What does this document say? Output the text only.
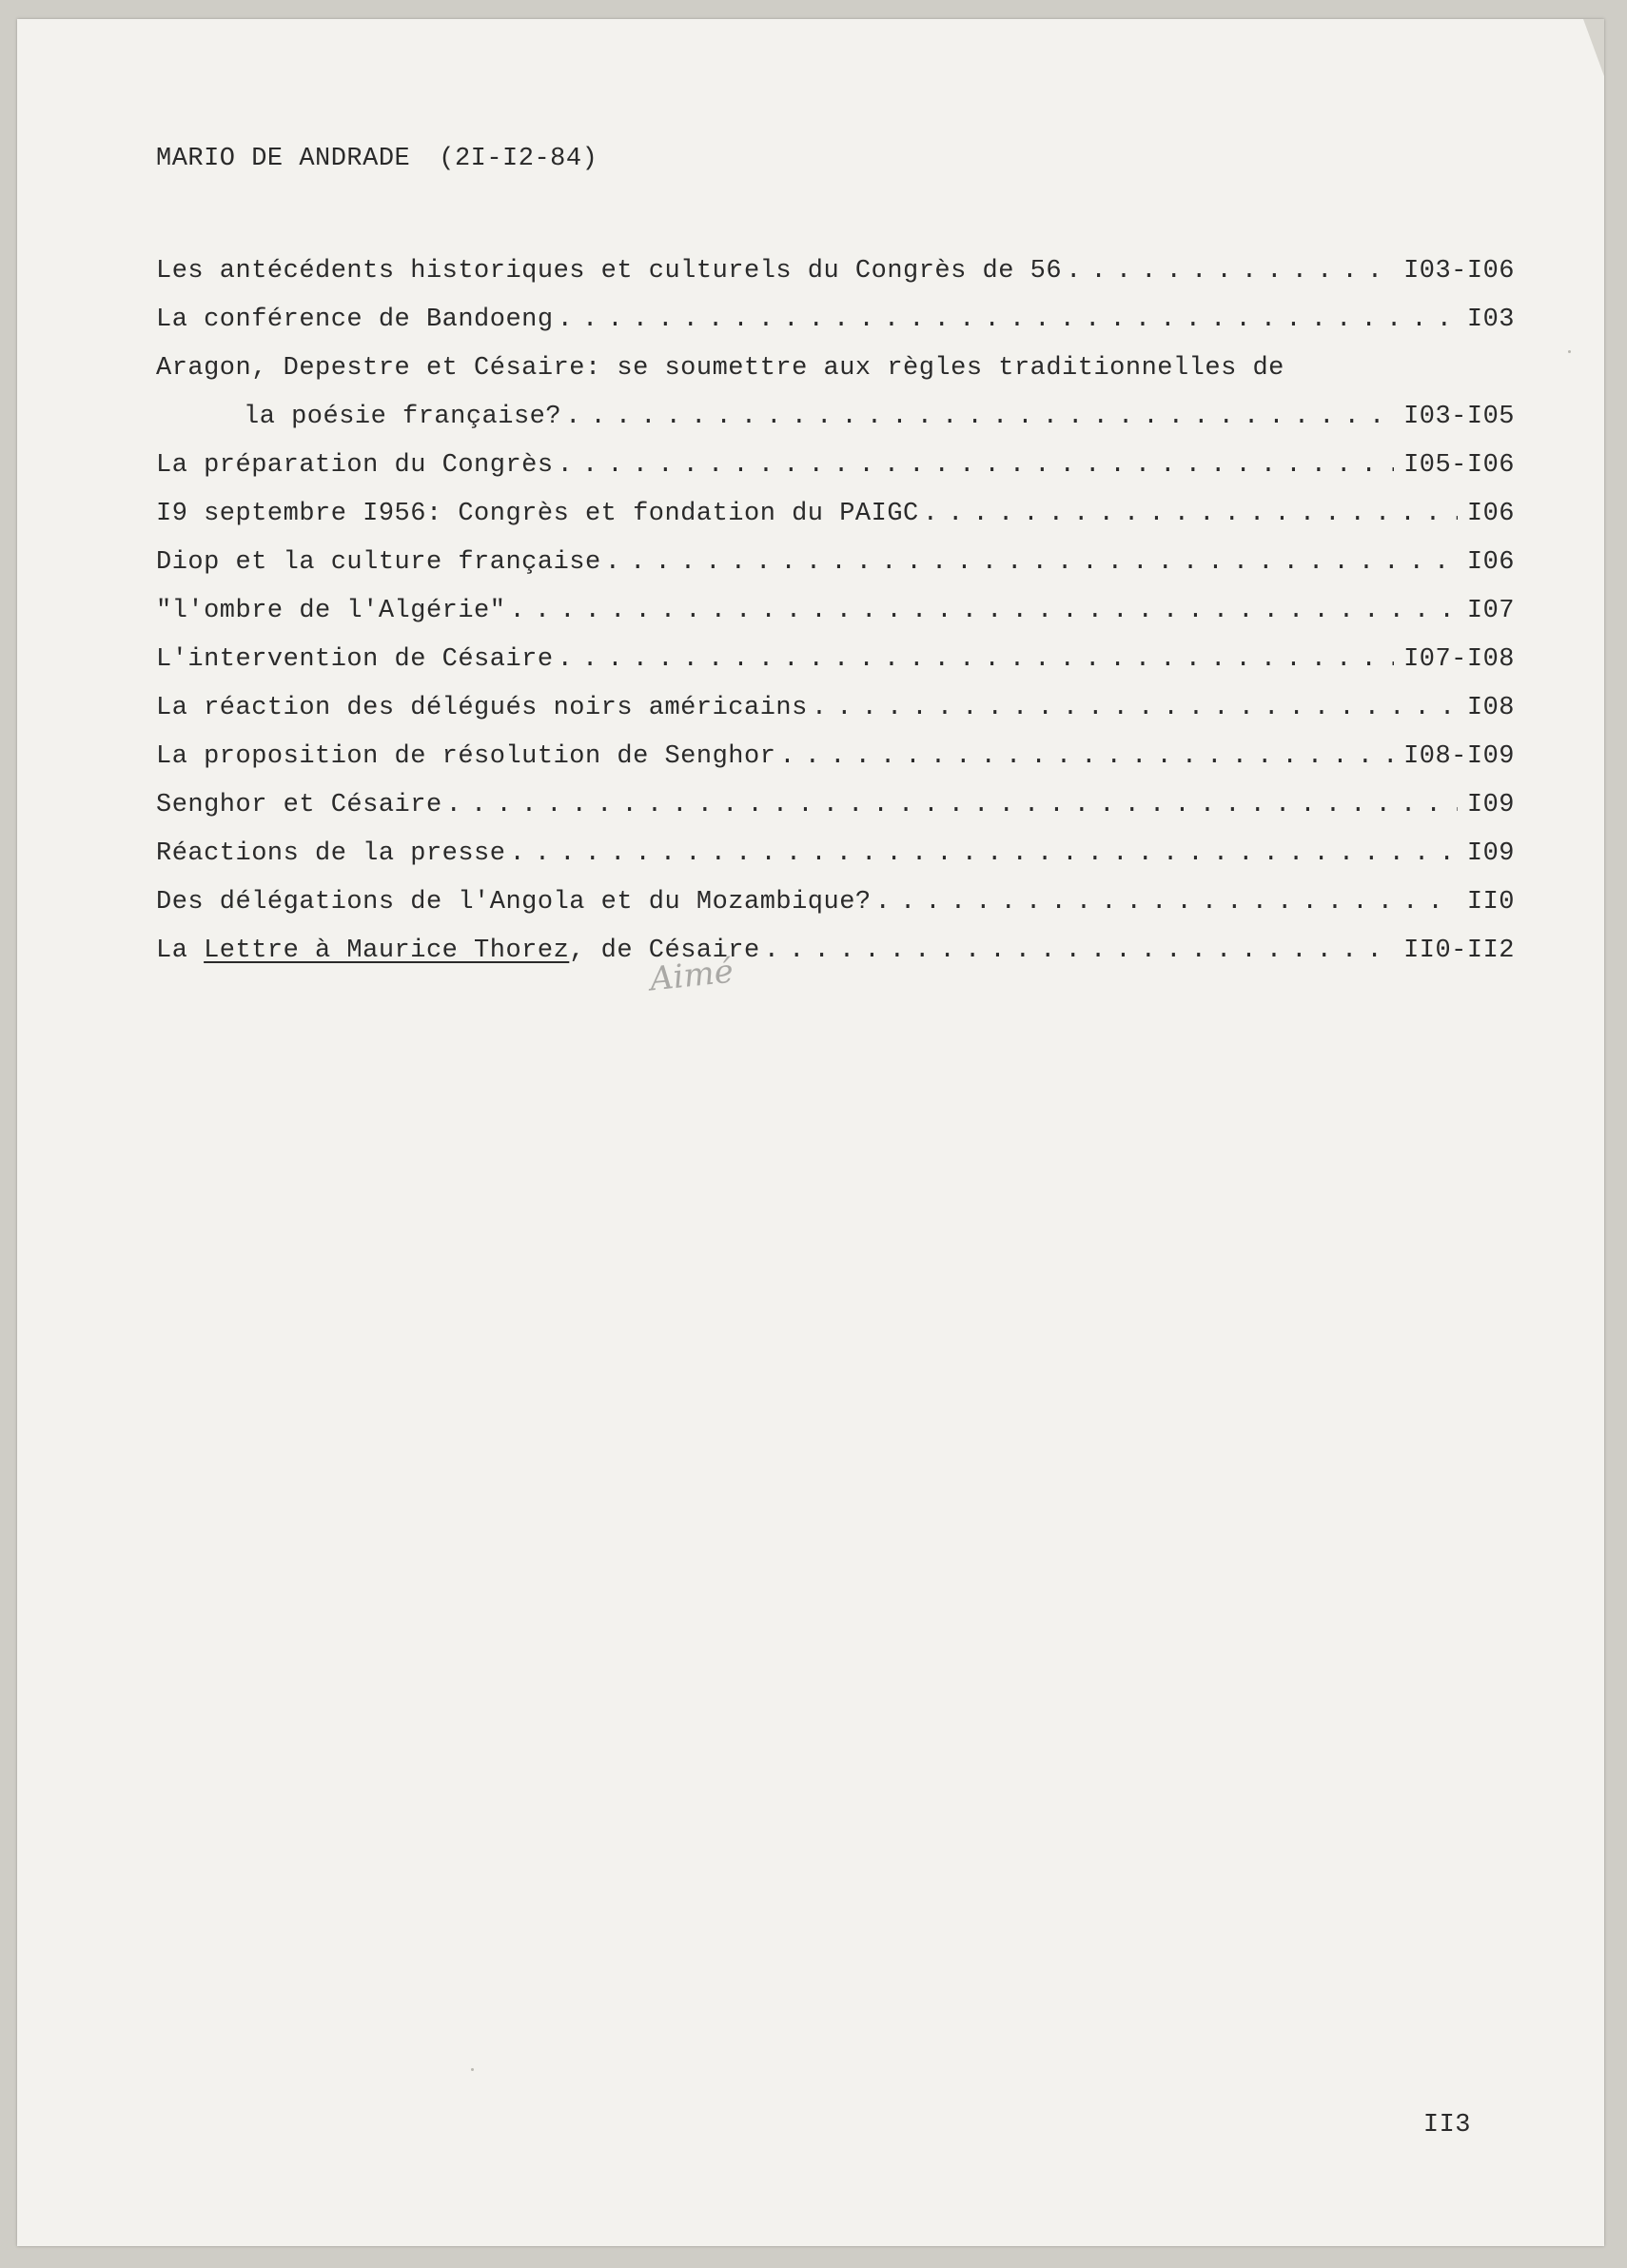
MARIO DE ANDRADE (2I-I2-84)
Les antécédents historiques et culturels du Congrès de 56 . . .	I03-I06
La conférence de Bandoeng . . .	I03
Aragon, Depestre et Césaire: se soumettre aux règles traditionnelles de
la poésie française? . . .	I03-I05
La préparation du Congrès . . .	I05-I06
I9 septembre I956: Congrès et fondation du PAIGC . . .	I06
Diop et la culture française . . .	I06
"l'ombre de l'Algérie" . . .	I07
L'intervention de Césaire . . .	I07-I08
La réaction des délégués noirs américains . . .	I08
La proposition de résolution de Senghor . . .	I08-I09
Senghor et Césaire . . .	I09
Réactions de la presse . . .	I09
Des délégations de l'Angola et du Mozambique? . . .	II0
La Lettre à Maurice Thorez, de Césaire . . .	II0-II2
Aimé
II3
